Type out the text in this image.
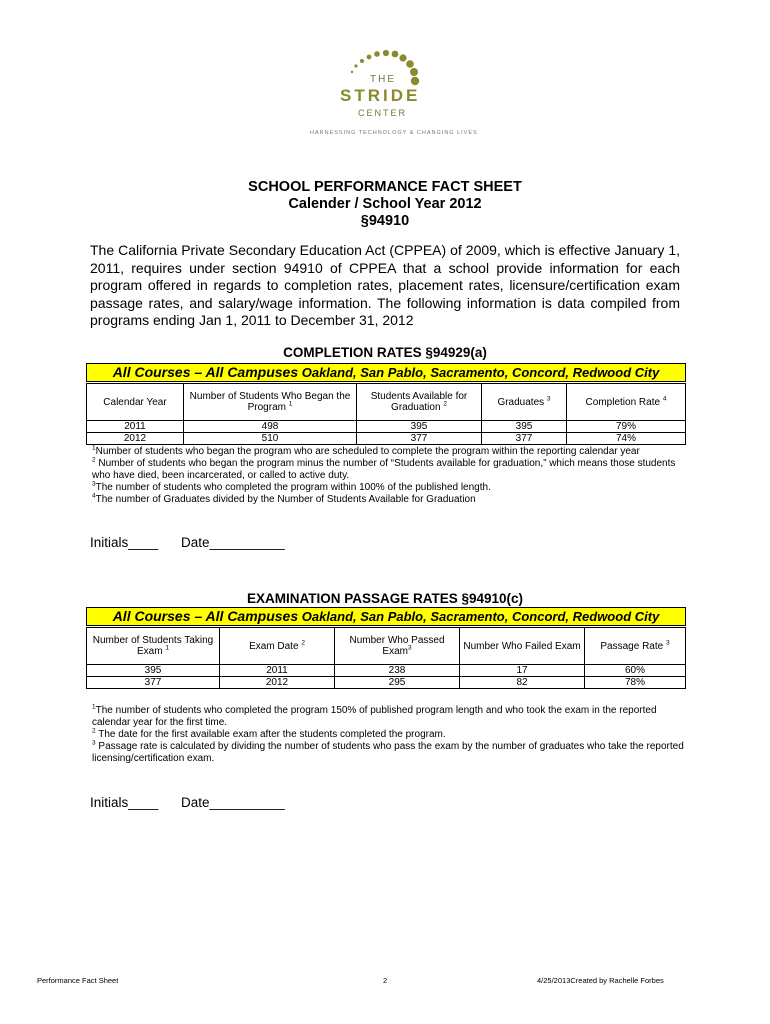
THE
STRIDE
CENTER
HARNESSING TECHNOLOGY & CHANGING LIVES
SCHOOL PERFORMANCE FACT SHEET
Calender / School Year 2012
§94910
The California Private Secondary Education Act (CPPEA) of 2009, which is effective January 1, 2011, requires under section 94910 of CPPEA that a school provide information for each program offered in regards to completion rates, placement rates, licensure/certification exam passage rates, and salary/wage information. The following information is data compiled from programs ending Jan 1, 2011 to December 31, 2012
COMPLETION RATES §94929(a)
All Courses – All Campuses Oakland, San Pablo, Sacramento, Concord, Redwood City
Calendar Year	Number of Students Who Began the Program $^1$	Students Available for Graduation $^2$	Graduates $^3$	Completion Rate $^4$
2011	498	395	395	79%
2012	510	377	377	74%
$^1$Number of students who began the program who are scheduled to complete the program within the reporting calendar year
$^2$ Number of students who began the program minus the number of “Students available for graduation,” which means those students who have died, been incarcerated, or called to active duty.
$^3$The number of students who completed the program within 100% of the published length.
$^4$The number of Graduates divided by the Number of Students Available for Graduation
Initials____ Date__________
EXAMINATION PASSAGE RATES §94910(c)
All Courses – All Campuses Oakland, San Pablo, Sacramento, Concord, Redwood City
Number of Students Taking Exam $^1$	Exam Date $^2$	Number Who Passed Exam$^3$	Number Who Failed Exam	Passage Rate $^3$
395	2011	238	17	60%
377	2012	295	82	78%
$^1$The number of students who completed the program 150% of published program length and who took the exam in the reported calendar year for the first time.
$^2$ The date for the first available exam after the students completed the program.
$^3$ Passage rate is calculated by dividing the number of students who pass the exam by the number of graduates who take the reported licensing/certification exam.
Initials____ Date__________
Performance Fact Sheet	2	4/25/2013Created by Rachelle Forbes
